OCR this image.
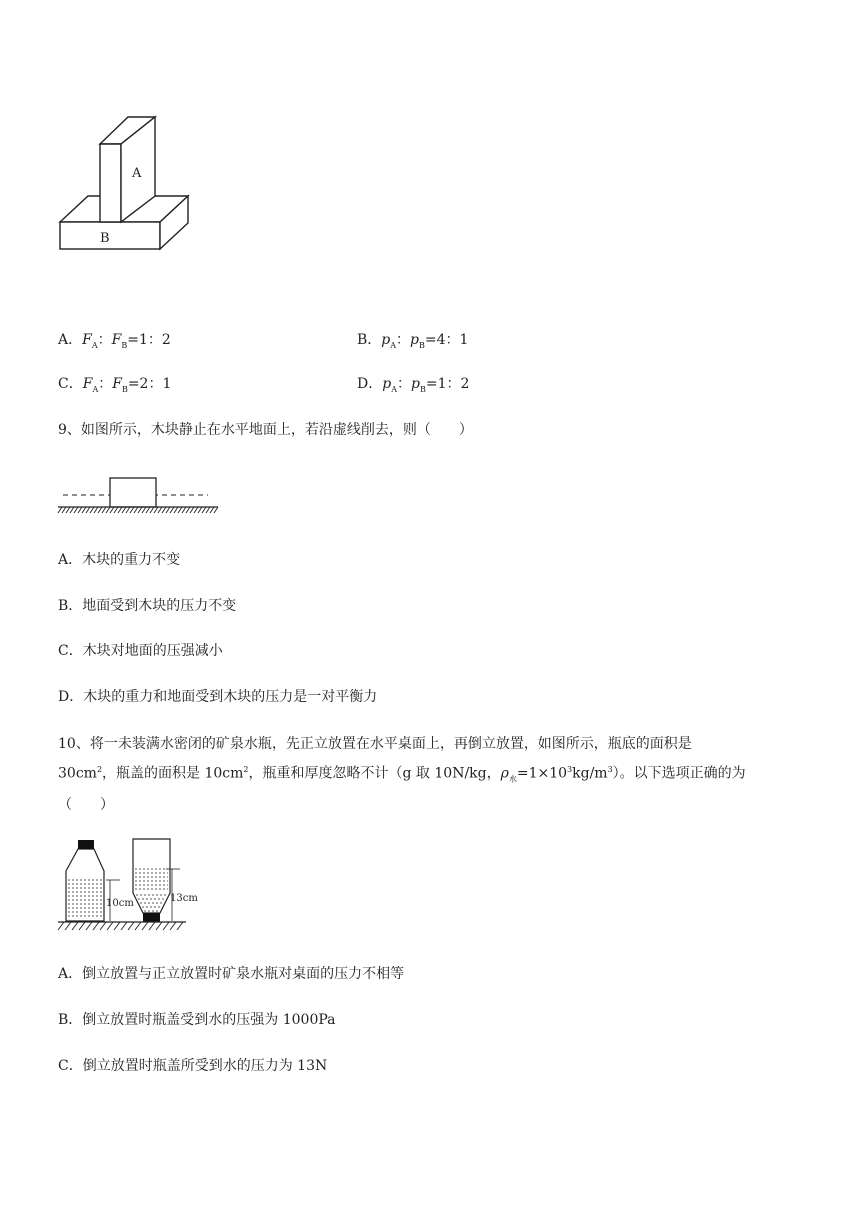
A
B
A．$F_A$：$F_B=1$：2	B．$p_A$：$p_B=4$：1
C．$F_A$：$F_B=2$：1	D．$p_A$：$p_B=1$：2
9、如图所示，木块静止在水平地面上，若沿虚线削去，则（　　）
A．木块的重力不变
B．地面受到木块的压力不变
C．木块对地面的压强减小
D．木块的重力和地面受到木块的压力是一对平衡力
10、将一未装满水密闭的矿泉水瓶，先正立放置在水平桌面上，再倒立放置，如图所示，瓶底的面积是
$30cm^2$，瓶盖的面积是 $10cm^2$，瓶重和厚度忽略不计（g 取 10N/kg，$\rho_水=1\times 10^3kg/m^3$）。以下选项正确的为
（　　）
10cm	13cm
A．倒立放置与正立放置时矿泉水瓶对桌面的压力不相等
B．倒立放置时瓶盖受到水的压强为 1000Pa
C．倒立放置时瓶盖所受到水的压力为 13N
